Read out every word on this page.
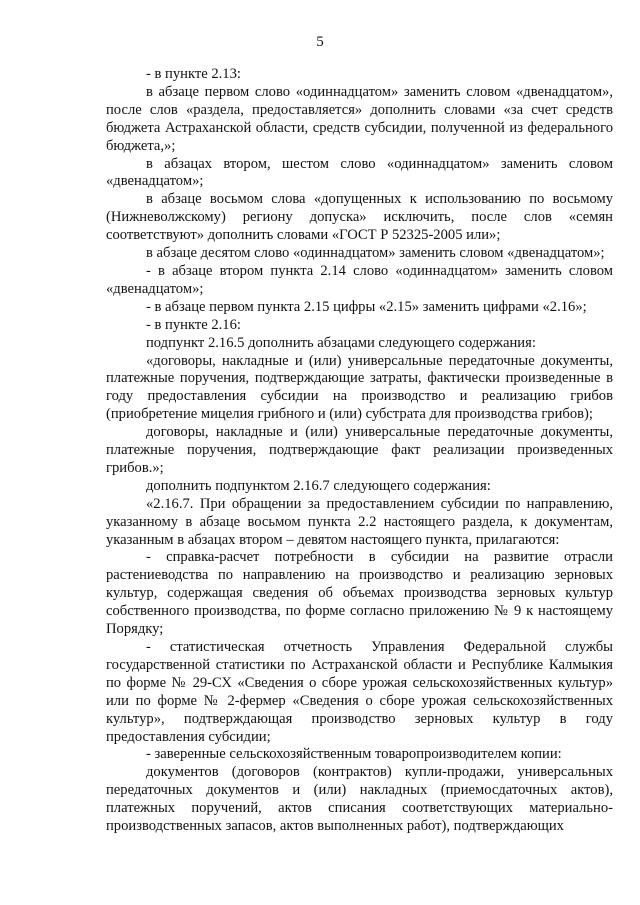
5

- в пункте 2.13:

в абзаце первом слово «одиннадцатом» заменить словом «двенадцатом», после слов «раздела, предоставляется» дополнить словами «за счет средств бюджета Астраханской области, средств субсидии, полученной из федерального бюджета,»;

в абзацах втором, шестом слово «одиннадцатом» заменить словом «двенадцатом»;

в абзаце восьмом слова «допущенных к использованию по восьмому (Нижневолжскому) региону допуска» исключить, после слов «семян соответствуют» дополнить словами «ГОСТ Р 52325-2005 или»;

в абзаце десятом слово «одиннадцатом» заменить словом «двенадцатом»;

- в абзаце втором пункта 2.14 слово «одиннадцатом» заменить словом «двенадцатом»;

- в абзаце первом пункта 2.15 цифры «2.15» заменить цифрами «2.16»;

- в пункте 2.16:

подпункт 2.16.5 дополнить абзацами следующего содержания:

«договоры, накладные и (или) универсальные передаточные документы, платежные поручения, подтверждающие затраты, фактически произведенные в году предоставления субсидии на производство и реализацию грибов (приобретение мицелия грибного и (или) субстрата для производства грибов);

договоры, накладные и (или) универсальные передаточные документы, платежные поручения, подтверждающие факт реализации произведенных грибов.»;

дополнить подпунктом 2.16.7 следующего содержания:

«2.16.7. При обращении за предоставлением субсидии по направлению, указанному в абзаце восьмом пункта 2.2 настоящего раздела, к документам, указанным в абзацах втором – девятом настоящего пункта, прилагаются:

- справка-расчет потребности в субсидии на развитие отрасли растениеводства по направлению на производство и реализацию зерновых культур, содержащая сведения об объемах производства зерновых культур собственного производства, по форме согласно приложению № 9 к настоящему Порядку;

- статистическая отчетность Управления Федеральной службы государственной статистики по Астраханской области и Республике Калмыкия по форме № 29-СХ «Сведения о сборе урожая сельскохозяйственных культур» или по форме № 2-фермер «Сведения о сборе урожая сельскохозяйственных культур», подтверждающая производство зерновых культур в году предоставления субсидии;

- заверенные сельскохозяйственным товаропроизводителем копии:

документов (договоров (контрактов) купли-продажи, универсальных передаточных документов и (или) накладных (приемосдаточных актов), платежных поручений, актов списания соответствующих материально-производственных запасов, актов выполненных работ), подтверждающих
